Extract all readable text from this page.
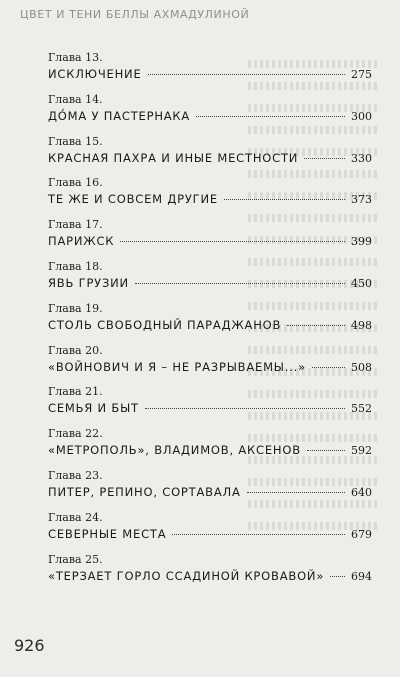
ЦВЕТ И ТЕНИ БЕЛЛЫ АХМАДУЛИНОЙ
Глава 13.
ИСКЛЮЧЕНИЕ	275
Глава 14.
ДО́МА У ПАСТЕРНАКА	300
Глава 15.
КРАСНАЯ ПАХРА И ИНЫЕ МЕСТНОСТИ	330
Глава 16.
ТЕ ЖЕ И СОВСЕМ ДРУГИЕ	373
Глава 17.
ПАРИЖСК	399
Глава 18.
ЯВЬ ГРУЗИИ	450
Глава 19.
СТОЛЬ СВОБОДНЫЙ ПАРАДЖАНОВ	498
Глава 20.
«ВОЙНОВИЧ И Я – НЕ РАЗРЫВАЕМЫ...»	508
Глава 21.
СЕМЬЯ И БЫТ	552
Глава 22.
«МЕТРОПОЛЬ», ВЛАДИМОВ, АКСЕНОВ	592
Глава 23.
ПИТЕР, РЕПИНО, СОРТАВАЛА	640
Глава 24.
СЕВЕРНЫЕ МЕСТА	679
Глава 25.
«ТЕРЗАЕТ ГОРЛО ССАДИНОЙ КРОВАВОЙ» 694
926
